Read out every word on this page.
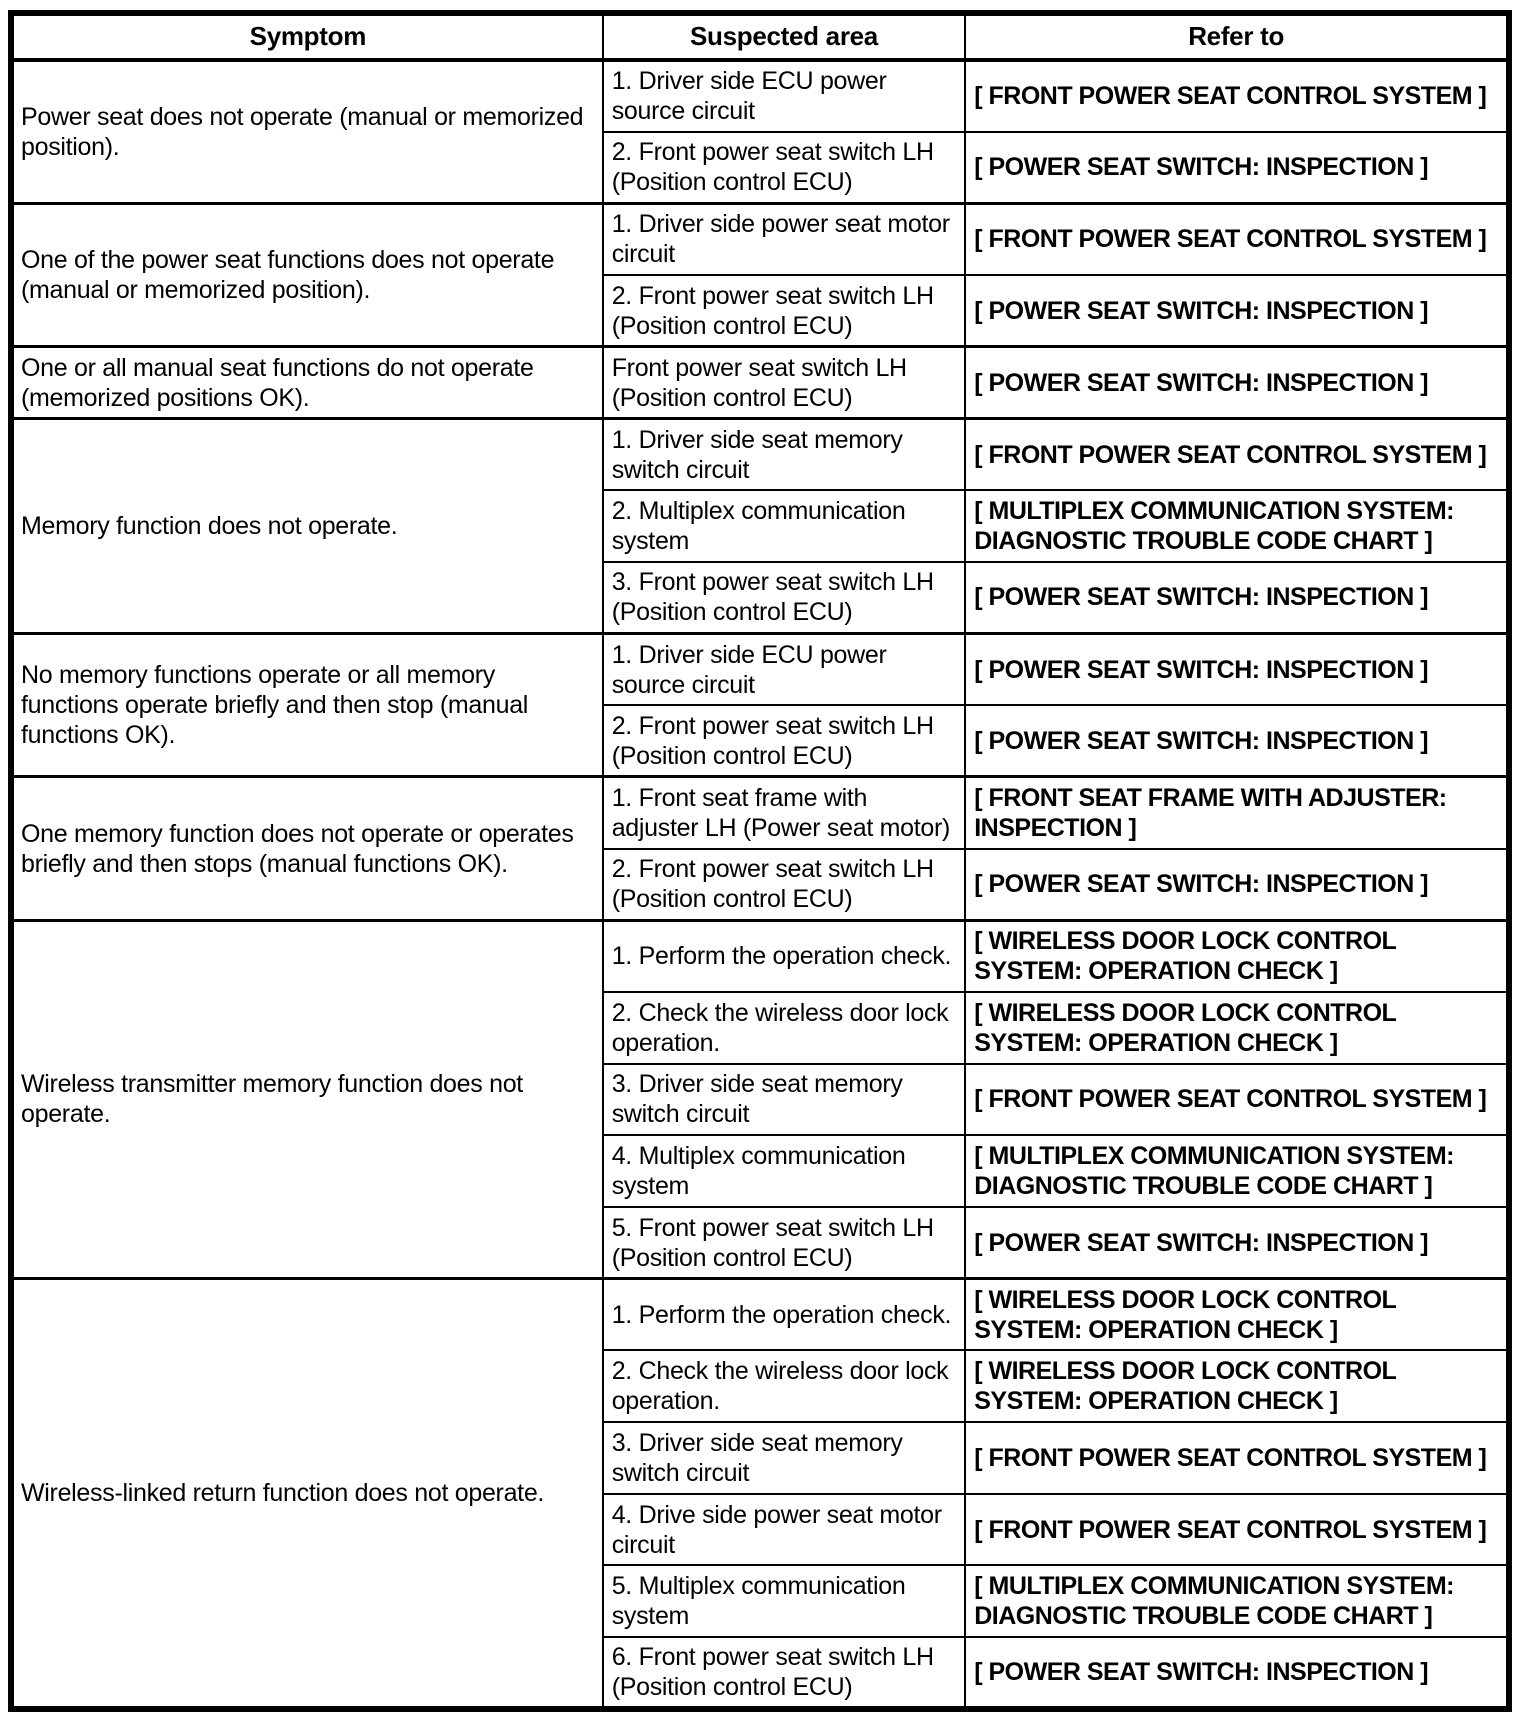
Symptom	Suspected area	Refer to
Power seat does not operate (manual or memorized position).	1. Driver side ECU power source circuit	[ FRONT POWER SEAT CONTROL SYSTEM ]
	2. Front power seat switch LH (Position control ECU)	[ POWER SEAT SWITCH: INSPECTION ]
One of the power seat functions does not operate (manual or memorized position).	1. Driver side power seat motor circuit	[ FRONT POWER SEAT CONTROL SYSTEM ]
	2. Front power seat switch LH (Position control ECU)	[ POWER SEAT SWITCH: INSPECTION ]
One or all manual seat functions do not operate (memorized positions OK).	Front power seat switch LH (Position control ECU)	[ POWER SEAT SWITCH: INSPECTION ]
Memory function does not operate.	1. Driver side seat memory switch circuit	[ FRONT POWER SEAT CONTROL SYSTEM ]
	2. Multiplex communication system	[ MULTIPLEX COMMUNICATION SYSTEM: DIAGNOSTIC TROUBLE CODE CHART ]
	3. Front power seat switch LH (Position control ECU)	[ POWER SEAT SWITCH: INSPECTION ]
No memory functions operate or all memory functions operate briefly and then stop (manual functions OK).	1. Driver side ECU power source circuit	[ POWER SEAT SWITCH: INSPECTION ]
	2. Front power seat switch LH (Position control ECU)	[ POWER SEAT SWITCH: INSPECTION ]
One memory function does not operate or operates briefly and then stops (manual functions OK).	1. Front seat frame with adjuster LH (Power seat motor)	[ FRONT SEAT FRAME WITH ADJUSTER: INSPECTION ]
	2. Front power seat switch LH (Position control ECU)	[ POWER SEAT SWITCH: INSPECTION ]
Wireless transmitter memory function does not operate.	1. Perform the operation check.	[ WIRELESS DOOR LOCK CONTROL SYSTEM: OPERATION CHECK ]
	2. Check the wireless door lock operation.	[ WIRELESS DOOR LOCK CONTROL SYSTEM: OPERATION CHECK ]
	3. Driver side seat memory switch circuit	[ FRONT POWER SEAT CONTROL SYSTEM ]
	4. Multiplex communication system	[ MULTIPLEX COMMUNICATION SYSTEM: DIAGNOSTIC TROUBLE CODE CHART ]
	5. Front power seat switch LH (Position control ECU)	[ POWER SEAT SWITCH: INSPECTION ]
Wireless-linked return function does not operate.	1. Perform the operation check.	[ WIRELESS DOOR LOCK CONTROL SYSTEM: OPERATION CHECK ]
	2. Check the wireless door lock operation.	[ WIRELESS DOOR LOCK CONTROL SYSTEM: OPERATION CHECK ]
	3. Driver side seat memory switch circuit	[ FRONT POWER SEAT CONTROL SYSTEM ]
	4. Drive side power seat motor circuit	[ FRONT POWER SEAT CONTROL SYSTEM ]
	5. Multiplex communication system	[ MULTIPLEX COMMUNICATION SYSTEM: DIAGNOSTIC TROUBLE CODE CHART ]
	6. Front power seat switch LH (Position control ECU)	[ POWER SEAT SWITCH: INSPECTION ]
